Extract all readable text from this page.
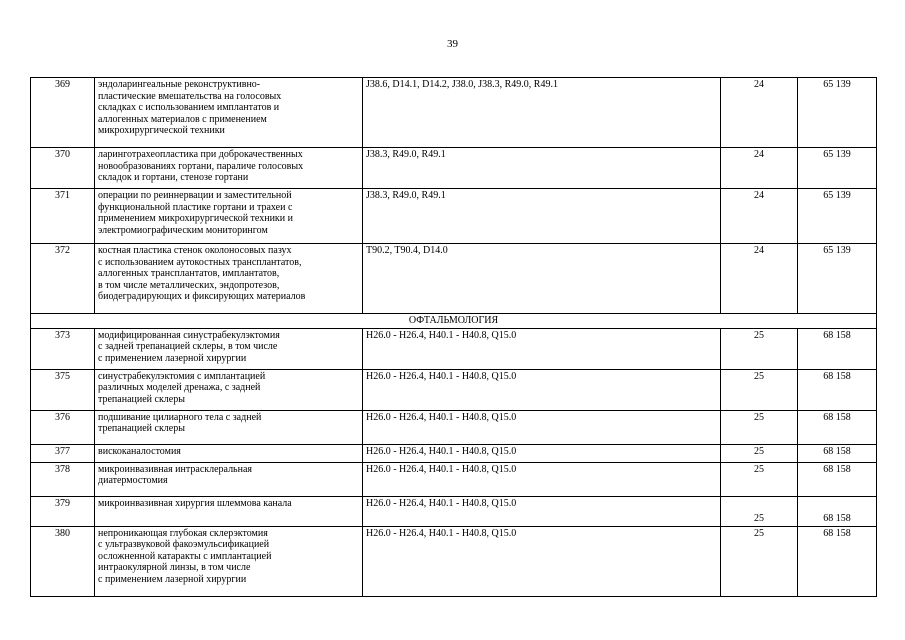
39
369	эндоларингеальные реконструктивно-
пластические вмешательства на голосовых
складках с использованием имплантатов и
аллогенных материалов с применением
микрохирургической техники	J38.6, D14.1, D14.2, J38.0, J38.3, R49.0, R49.1	24	65 139
370	ларинготрахеопластика при доброкачественных
новообразованиях гортани, параличе голосовых
складок и гортани, стенозе гортани	J38.3, R49.0, R49.1	24	65 139
371	операции по реиннервации и заместительной
функциональной пластике гортани и трахеи с
применением микрохирургической техники и
электромиографическим мониторингом	J38.3, R49.0, R49.1	24	65 139
372	костная пластика стенок околоносовых пазух
с использованием аутокостных трансплантатов,
аллогенных трансплантатов, имплантатов,
в том числе металлических, эндопротезов,
биодеградирующих и фиксирующих материалов	T90.2, T90.4, D14.0	24	65 139
ОФТАЛЬМОЛОГИЯ				
373	модифицированная синустрабекулэктомия
с задней трепанацией склеры, в том числе
с применением лазерной хирургии	H26.0 - H26.4, H40.1 - H40.8, Q15.0	25	68 158
375	синустрабекулэктомия с имплантацией
различных моделей дренажа, с задней
трепанацией склеры	H26.0 - H26.4, H40.1 - H40.8, Q15.0	25	68 158
376	подшивание цилиарного тела с задней
трепанацией склеры	H26.0 - H26.4, H40.1 - H40.8, Q15.0	25	68 158
377	вискоканалостомия	H26.0 - H26.4, H40.1 - H40.8, Q15.0	25	68 158
378	микроинвазивная интрасклеральная
диатермостомия	H26.0 - H26.4, H40.1 - H40.8, Q15.0	25	68 158
379	микроинвазивная хирургия шлеммова канала	H26.0 - H26.4, H40.1 - H40.8, Q15.0	25	68 158
380	непроникающая глубокая склерэктомия
с ультразвуковой факоэмульсификацией
осложненной катаракты с имплантацией
интраокулярной линзы, в том числе
с применением лазерной хирургии	H26.0 - H26.4, H40.1 - H40.8, Q15.0	25	68 158
